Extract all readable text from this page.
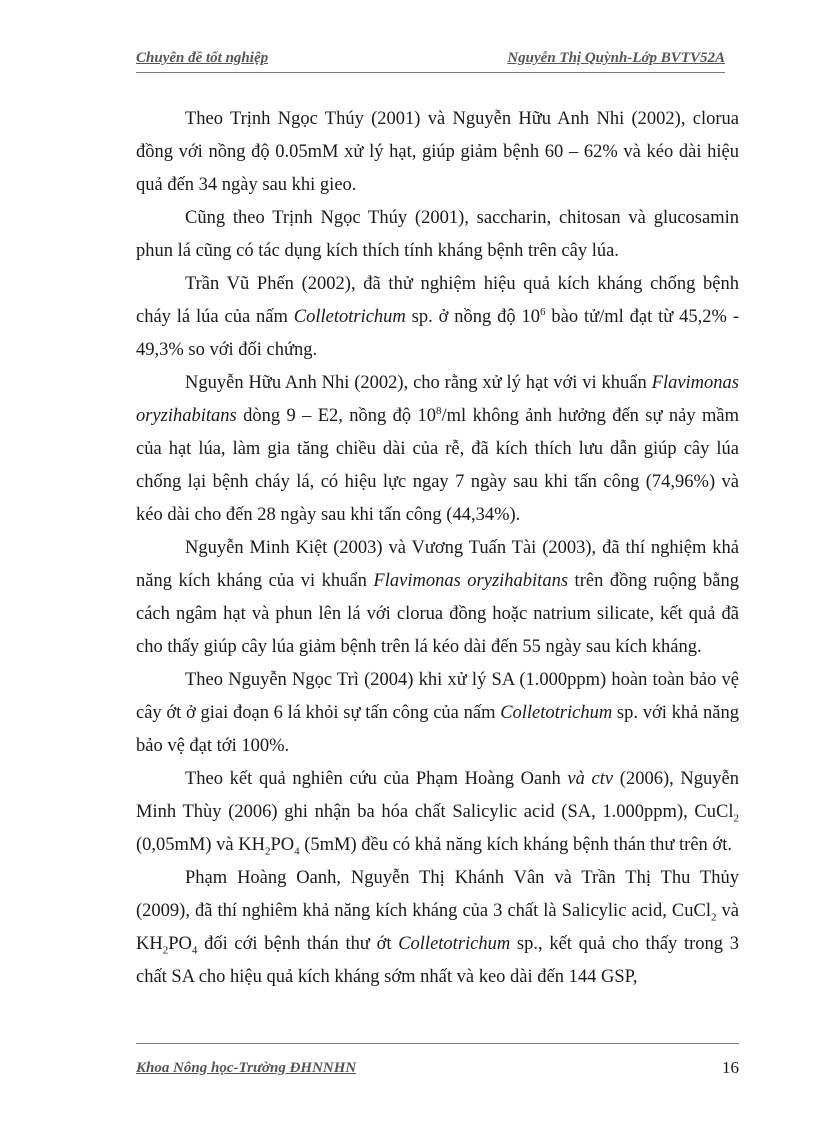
Chuyên đề tốt nghiệp	Nguyễn Thị Quỳnh-Lớp BVTV52A

Theo Trịnh Ngọc Thúy (2001) và Nguyễn Hữu Anh Nhi (2002), clorua đồng với nồng độ 0.05mM xử lý hạt, giúp giảm bệnh 60 – 62% và kéo dài hiệu quả đến 34 ngày sau khi gieo.

Cũng theo Trịnh Ngọc Thúy (2001), saccharin, chitosan và glucosamin phun lá cũng có tác dụng kích thích tính kháng bệnh trên cây lúa.

Trần Vũ Phến (2002), đã thử nghiệm hiệu quả kích kháng chống bệnh cháy lá lúa của nấm Colletotrichum sp. ở nồng độ $10^6$ bào tử/ml đạt từ 45,2% - 49,3% so với đối chứng.

Nguyễn Hữu Anh Nhi (2002), cho rằng xử lý hạt với vi khuẩn Flavimonas oryzihabitans dòng 9 – E2, nồng độ $10^8/ml$ không ảnh hưởng đến sự nảy mầm của hạt lúa, làm gia tăng chiều dài của rễ, đã kích thích lưu dẫn giúp cây lúa chống lại bệnh cháy lá, có hiệu lực ngay 7 ngày sau khi tấn công (74,96%) và kéo dài cho đến 28 ngày sau khi tấn công (44,34%).

Nguyễn Minh Kiệt (2003) và Vương Tuấn Tài (2003), đã thí nghiệm khả năng kích kháng của vi khuẩn Flavimonas oryzihabitans trên đồng ruộng bằng cách ngâm hạt và phun lên lá với clorua đồng hoặc natrium silicate, kết quả đã cho thấy giúp cây lúa giảm bệnh trên lá kéo dài đến 55 ngày sau kích kháng.

Theo Nguyễn Ngọc Trì (2004) khi xử lý SA (1.000ppm) hoàn toàn bảo vệ cây ớt ở giai đoạn 6 lá khỏi sự tấn công của nấm Colletotrichum sp. với khả năng bảo vệ đạt tới 100%.

Theo kết quả nghiên cứu của Phạm Hoàng Oanh và ctv (2006), Nguyễn Minh Thùy (2006) ghi nhận ba hóa chất Salicylic acid (SA, 1.000ppm), CuCl$_2$ (0,05mM) và $KH_2PO_4$ (5mM) đều có khả năng kích kháng bệnh thán thư trên ớt.

Phạm Hoàng Oanh, Nguyễn Thị Khánh Vân và Trần Thị Thu Thủy (2009), đã thí nghiêm khả năng kích kháng của 3 chất là Salicylic acid, CuCl$_2$ và $KH_2PO_4$ đối cới bệnh thán thư ớt Colletotrichum sp., kết quả cho thấy trong 3 chất SA cho hiệu quả kích kháng sớm nhất và keo dài đến 144 GSP,

Khoa Nông học-Trường ĐHNNHN	16
